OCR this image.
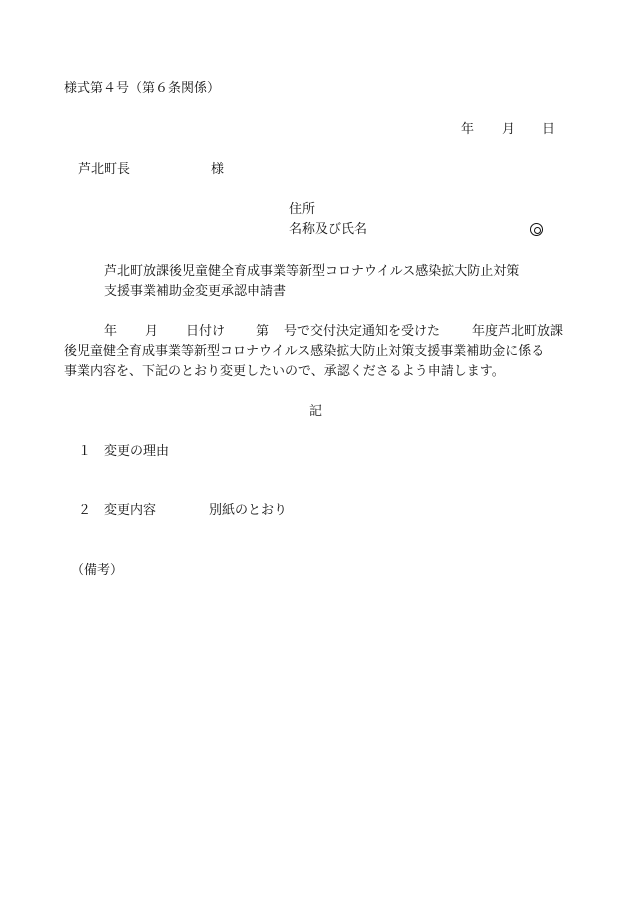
様式第４号（第６条関係）
年 月 日
芦北町長	様
住所
名称及び氏名
芦北町放課後児童健全育成事業等新型コロナウイルス感染拡大防止対策
支援事業補助金変更承認申請書
年 月 日付け 第 号で交付決定通知を受けた 年度芦北町放課
後児童健全育成事業等新型コロナウイルス感染拡大防止対策支援事業補助金に係る
事業内容を、下記のとおり変更したいので、承認くださるよう申請します。
記
１ 変更の理由
２ 変更内容	別紙のとおり
（備考）
